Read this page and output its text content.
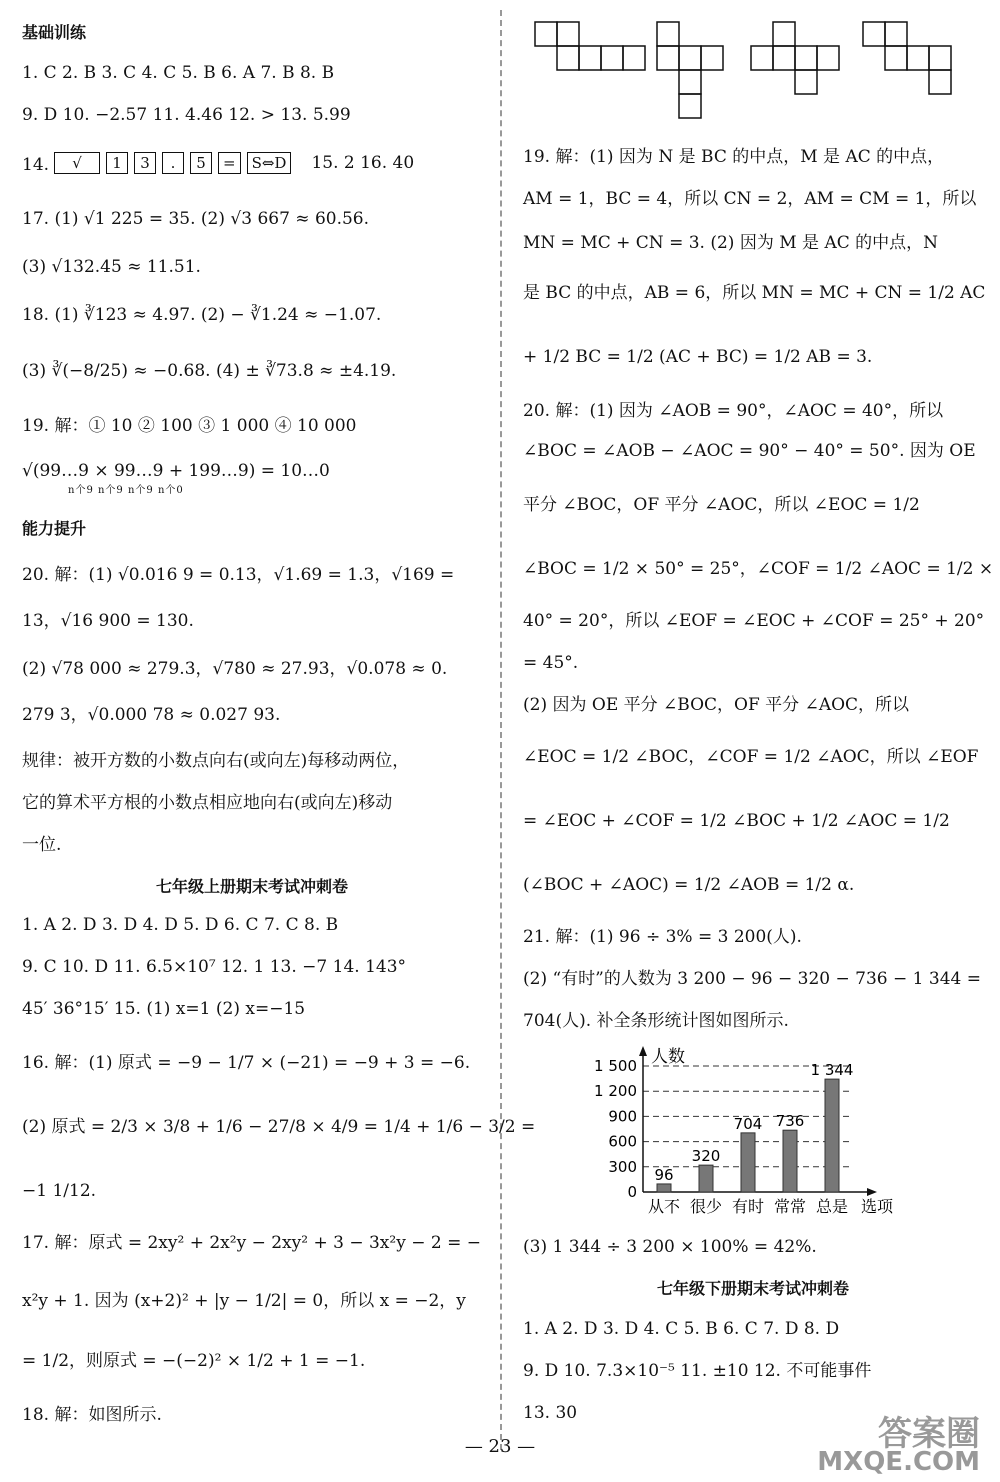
基础训练
1. C 2. B 3. C 4. C 5. B 6. A 7. B 8. B
9. D 10. −2.57 11. 4.46 12. > 13. 5.99
14.	√	1	3	.	5	=	S⇔D 15. 2 16. 40
17. (1) √1 225 = 35. (2) √3 667 ≈ 60.56.
(3) √132.45 ≈ 11.51.
18. (1) ∛123 ≈ 4.97. (2) − ∛1.24 ≈ −1.07.
(3) ∛(−8/25) ≈ −0.68. (4) ± ∛73.8 ≈ ±4.19.
19. 解：① 10 ② 100 ③ 1 000 ④ 10 000
√(99…9 × 99…9 + 199…9) = 10…0
n个9 n个9 n个9 n个0
能力提升
20. 解：(1) √0.016 9 = 0.13，√1.69 = 1.3，√169 =
13，√16 900 = 130.
(2) √78 000 ≈ 279.3，√780 ≈ 27.93，√0.078 ≈ 0.
279 3，√0.000 78 ≈ 0.027 93.
规律：被开方数的小数点向右(或向左)每移动两位，
它的算术平方根的小数点相应地向右(或向左)移动
一位.
七年级上册期末考试冲刺卷
1. A 2. D 3. D 4. D 5. D 6. C 7. C 8. B
9. C 10. D 11. 6.5×10⁷ 12. 1 13. −7 14. 143°
45′ 36°15′ 15. (1) x=1 (2) x=−15
16. 解：(1) 原式 = −9 − 1/7 × (−21) = −9 + 3 = −6.
(2) 原式 = 2/3 × 3/8 + 1/6 − 27/8 × 4/9 = 1/4 + 1/6 − 3/2 =
−1 1/12.
17. 解：原式 = 2xy² + 2x²y − 2xy² + 3 − 3x²y − 2 = −
x²y + 1. 因为 (x+2)² + |y − 1/2| = 0，所以 x = −2，y
= 1/2，则原式 = −(−2)² × 1/2 + 1 = −1.
18. 解：如图所示.
19. 解：(1) 因为 N 是 BC 的中点，M 是 AC 的中点，
AM = 1，BC = 4，所以 CN = 2，AM = CM = 1，所以
MN = MC + CN = 3. (2) 因为 M 是 AC 的中点，N
是 BC 的中点，AB = 6，所以 MN = MC + CN = 1/2 AC
+ 1/2 BC = 1/2 (AC + BC) = 1/2 AB = 3.
20. 解：(1) 因为 ∠AOB = 90°，∠AOC = 40°，所以
∠BOC = ∠AOB − ∠AOC = 90° − 40° = 50°. 因为 OE
平分 ∠BOC，OF 平分 ∠AOC，所以 ∠EOC = 1/2
∠BOC = 1/2 × 50° = 25°，∠COF = 1/2 ∠AOC = 1/2 ×
40° = 20°，所以 ∠EOF = ∠EOC + ∠COF = 25° + 20°
= 45°.
(2) 因为 OE 平分 ∠BOC，OF 平分 ∠AOC，所以
∠EOC = 1/2 ∠BOC，∠COF = 1/2 ∠AOC，所以 ∠EOF
= ∠EOC + ∠COF = 1/2 ∠BOC + 1/2 ∠AOC = 1/2
(∠BOC + ∠AOC) = 1/2 ∠AOB = 1/2 α.
21. 解：(1) 96 ÷ 3% = 3 200(人).
(2) “有时”的人数为 3 200 − 96 − 320 − 736 − 1 344 =
704(人). 补全条形统计图如图所示.
0
300
600
900
1 200
1 500 人数
选项
96
从不
320
很少
704
有时
736
常常
1 344
总是
(3) 1 344 ÷ 3 200 × 100% = 42%.
七年级下册期末考试冲刺卷
1. A 2. D 3. D 4. C 5. B 6. C 7. D 8. D
9. D 10. 7.3×10⁻⁵ 11. ±10 12. 不可能事件
13. 30
— 23 —	答案圈
MXQE.COM
